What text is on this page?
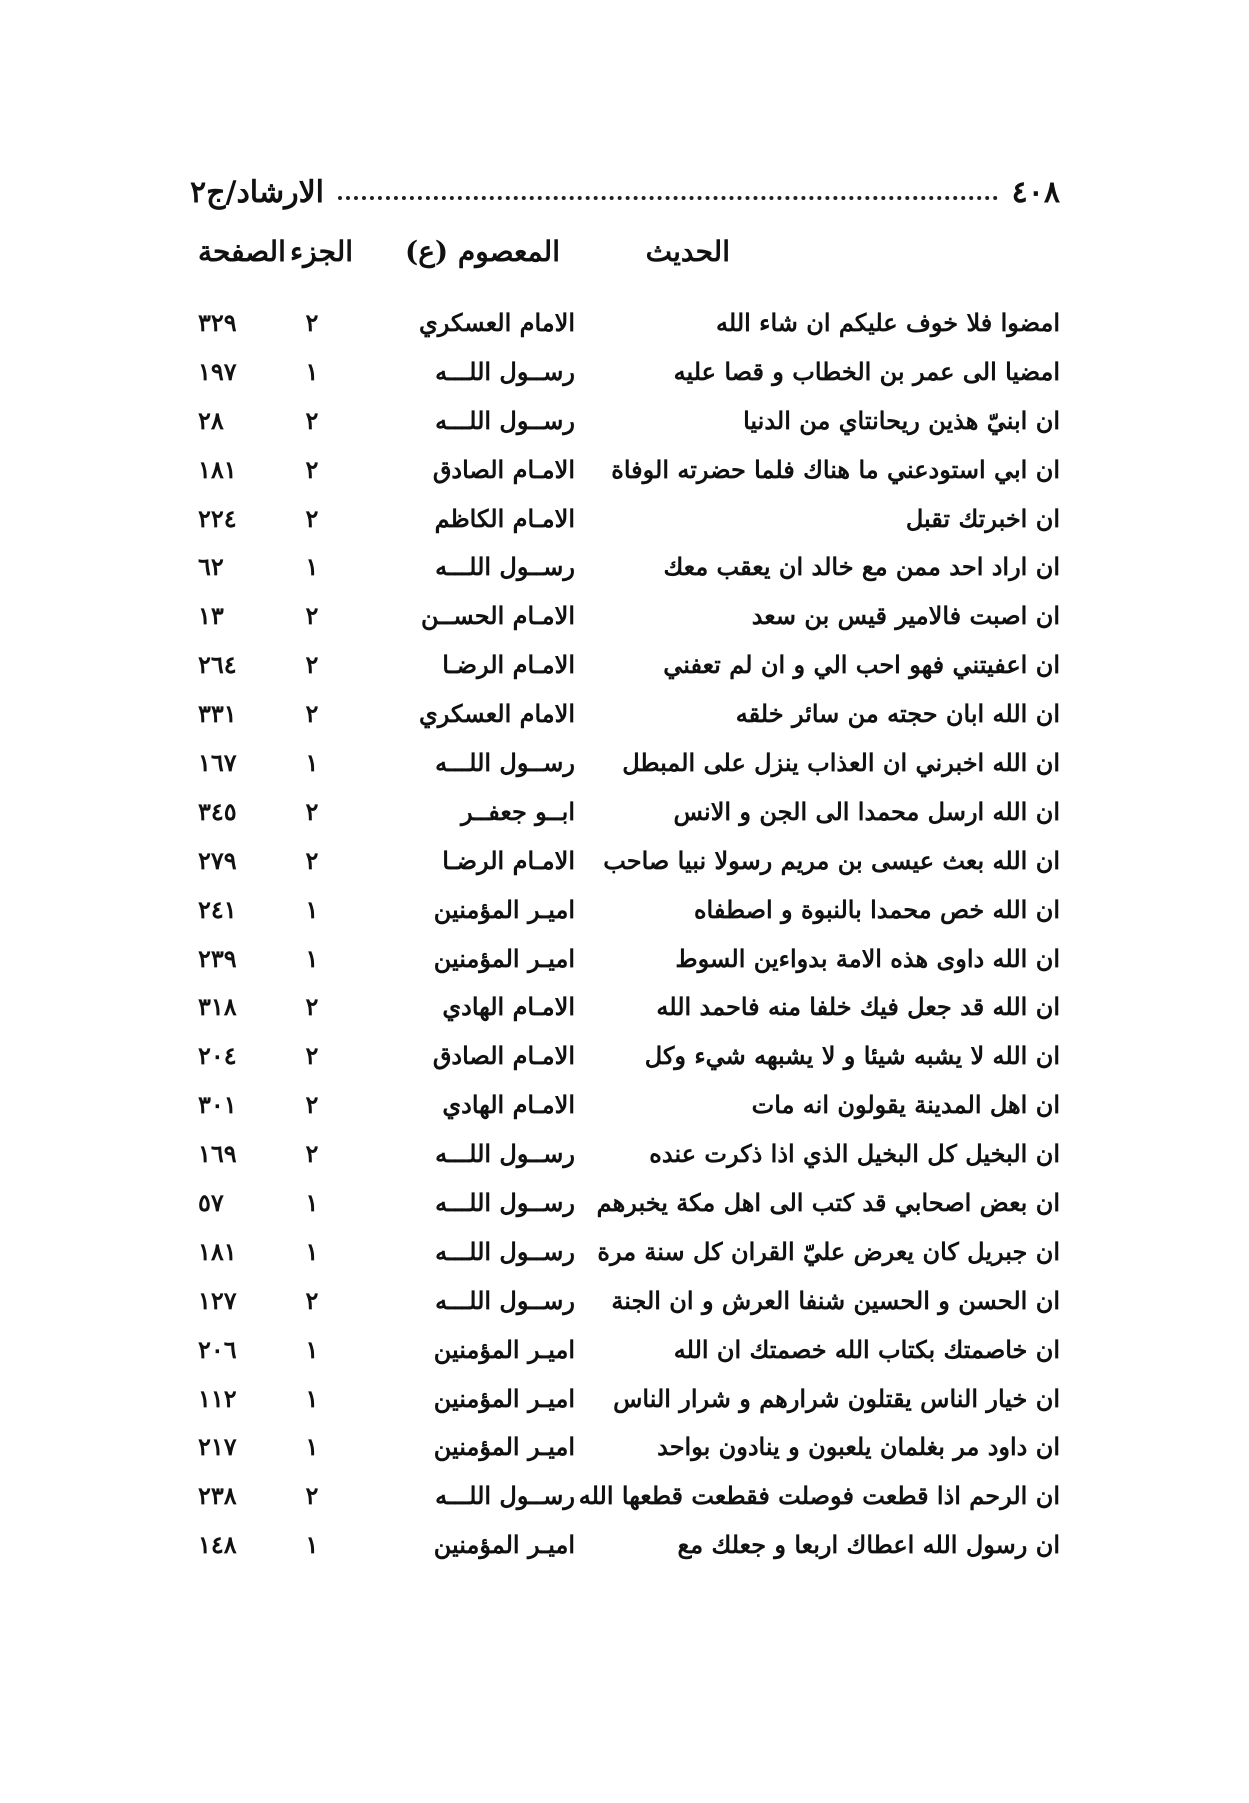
٤٠٨
الارشاد/ج٢
الحديث
المعصوم (ع)
الجزء
الصفحة
امضوا فلا خوف عليكم ان شاء الله
الامام العسكري
٢
٣٢٩
امضيا الى عمر بن الخطاب و قصا عليه
رســول اللـــه
١
١٩٧
ان ابنيّ هذين ريحانتاي من الدنيا
رســول اللـــه
٢
٢٨
ان ابي استودعني ما هناك فلما حضرته الوفاة
الامـام الصادق
٢
١٨١
ان اخبرتك تقبل
الامـام الكاظم
٢
٢٢٤
ان اراد احد ممن مع خالد ان يعقب معك
رســول اللـــه
١
٦٢
ان اصبت فالامير قيس بن سعد
الامـام الحســن
٢
١٣
ان اعفيتني فهو احب الي و ان لم تعفني
الامـام الرضـا
٢
٢٦٤
ان الله ابان حجته من سائر خلقه
الامام العسكري
٢
٣٣١
ان الله اخبرني ان العذاب ينزل على المبطل
رســول اللـــه
١
١٦٧
ان الله ارسل محمدا الى الجن و الانس
ابــو جعفــر
٢
٣٤٥
ان الله بعث عيسى بن مريم رسولا نبيا صاحب
الامـام الرضـا
٢
٢٧٩
ان الله خص محمدا بالنبوة و اصطفاه
اميـر المؤمنين
١
٢٤١
ان الله داوى هذه الامة بدواءين السوط
اميـر المؤمنين
١
٢٣٩
ان الله قد جعل فيك خلفا منه فاحمد الله
الامـام الهادي
٢
٣١٨
ان الله لا يشبه شيئا و لا يشبهه شيء وكل
الامـام الصادق
٢
٢٠٤
ان اهل المدينة يقولون انه مات
الامـام الهادي
٢
٣٠١
ان البخيل كل البخيل الذي اذا ذكرت عنده
رســول اللـــه
٢
١٦٩
ان بعض اصحابي قد كتب الى اهل مكة يخبرهم
رســول اللـــه
١
٥٧
ان جبريل كان يعرض عليّ القران كل سنة مرة
رســول اللـــه
١
١٨١
ان الحسن و الحسين شنفا العرش و ان الجنة
رســول اللـــه
٢
١٢٧
ان خاصمتك بكتاب الله خصمتك ان الله
اميـر المؤمنين
١
٢٠٦
ان خيار الناس يقتلون شرارهم و شرار الناس
اميـر المؤمنين
١
١١٢
ان داود مر بغلمان يلعبون و ينادون بواحد
اميـر المؤمنين
١
٢١٧
ان الرحم اذا قطعت فوصلت فقطعت قطعها الله
رســول اللـــه
٢
٢٣٨
ان رسول الله اعطاك اربعا و جعلك مع
اميـر المؤمنين
١
١٤٨
